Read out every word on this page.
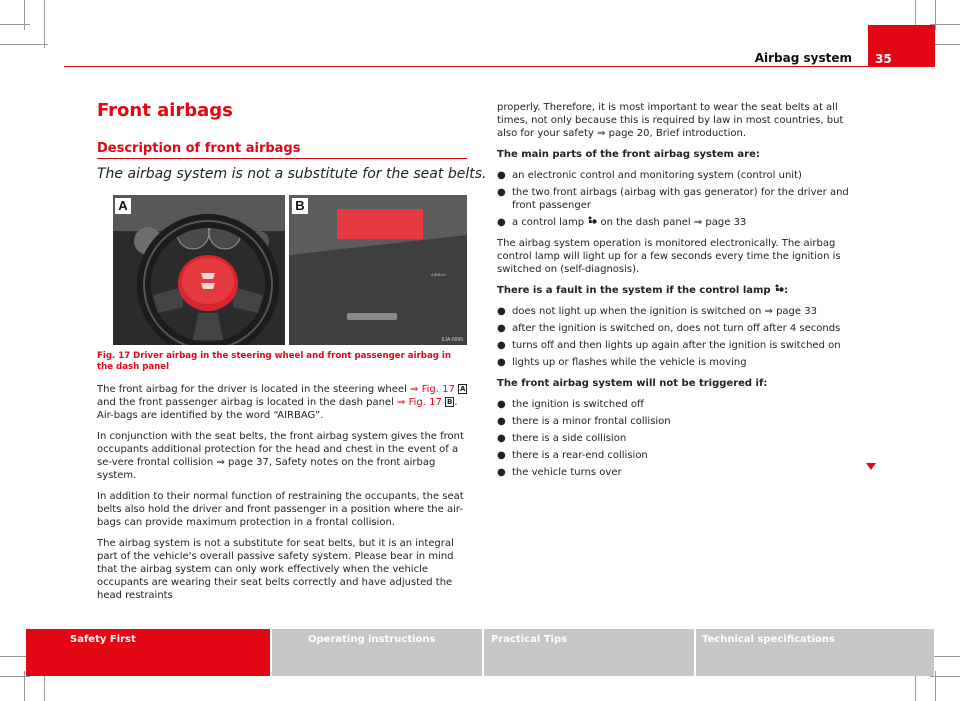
35
Airbag system
Front airbags
Description of front airbags
The airbag system is not a substitute for the seat belts.
A
AIRBAG
B
6JA-0095
Fig. 17 Driver airbag in the steering wheel and front passenger airbag in the dash panel

The front airbag for the driver is located in the steering wheel ⇒ Fig. 17 A and the front passenger airbag is located in the dash panel ⇒ Fig. 17 B . Air-bags are identified by the word “AIRBAG”.

In conjunction with the seat belts, the front airbag system gives the front occupants additional protection for the head and chest in the event of a se-vere frontal collision ⇒ page 37, Safety notes on the front airbag system.

In addition to their normal function of restraining the occupants, the seat belts also hold the driver and front passenger in a position where the air-bags can provide maximum protection in a frontal collision.

The airbag system is not a substitute for seat belts, but it is an integral part of the vehicle's overall passive safety system. Please bear in mind that the airbag system can only work effectively when the vehicle occupants are wearing their seat belts correctly and have adjusted the head restraints

properly. Therefore, it is most important to wear the seat belts at all times, not only because this is required by law in most countries, but also for your safety ⇒ page 20, Brief introduction.

The main parts of the front airbag system are:

● an electronic control and monitoring system (control unit)
● the two front airbags (airbag with gas generator) for the driver and front passenger
● a control lamp  on the dash panel ⇒ page 33

The airbag system operation is monitored electronically. The airbag control lamp will light up for a few seconds every time the ignition is switched on (self-diagnosis).

There is a fault in the system if the control lamp :

● does not light up when the ignition is switched on ⇒ page 33
● after the ignition is switched on, does not turn off after 4 seconds
● turns off and then lights up again after the ignition is switched on
● lights up or flashes while the vehicle is moving

The front airbag system will not be triggered if:

● the ignition is switched off
● there is a minor frontal collision
● there is a side collision
● there is a rear-end collision
● the vehicle turns over
Safety First	Operating instructions	Practical Tips	Technical specifications
